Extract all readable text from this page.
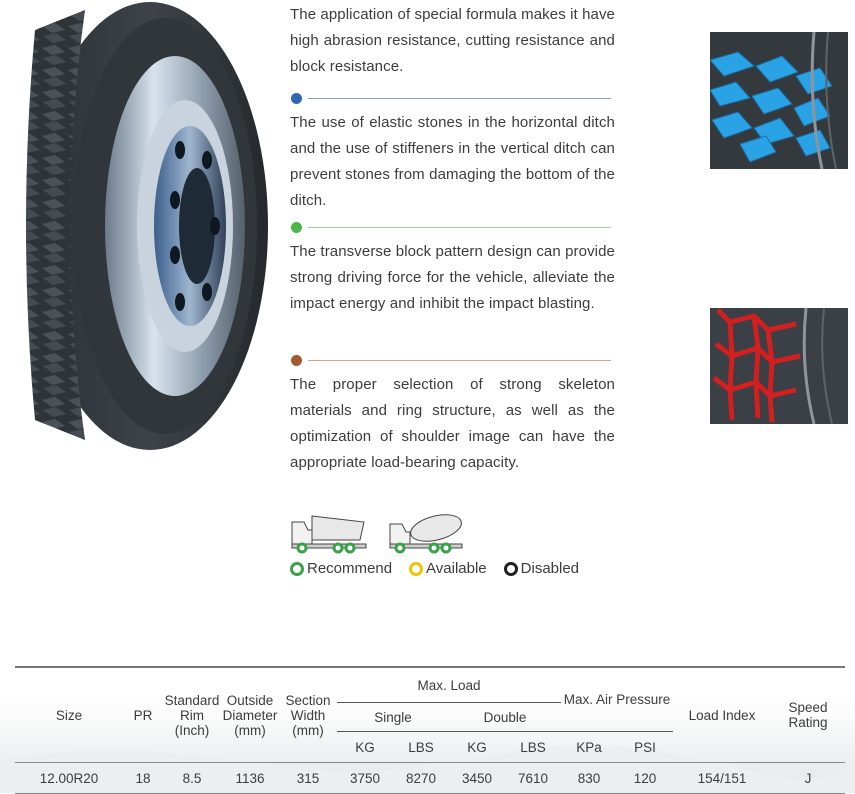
The application of special formula makes it have high abrasion resistance, cutting resistance and block resistance.

The use of elastic stones in the horizontal ditch and the use of stiffeners in the vertical ditch can prevent stones from damaging the bottom of the ditch.

The transverse block pattern design can provide strong driving force for the vehicle, alleviate the impact energy and inhibit the impact blasting.

The proper selection of strong skeleton materials and ring structure, as well as the optimization of shoulder image can have the appropriate load-bearing capacity.

Recommend Available Disabled
Size	PR	Standard Rim (Inch)	Outside Diameter (mm)	Section Width (mm)	Max. Load				Max. Air Pressure		Load Index	Speed Rating
					Single		Double					
					KG	LBS	KG	LBS	KPa	PSI		
12.00R20	18	8.5	1136	315	3750	8270	3450	7610	830	120	154/151	J
